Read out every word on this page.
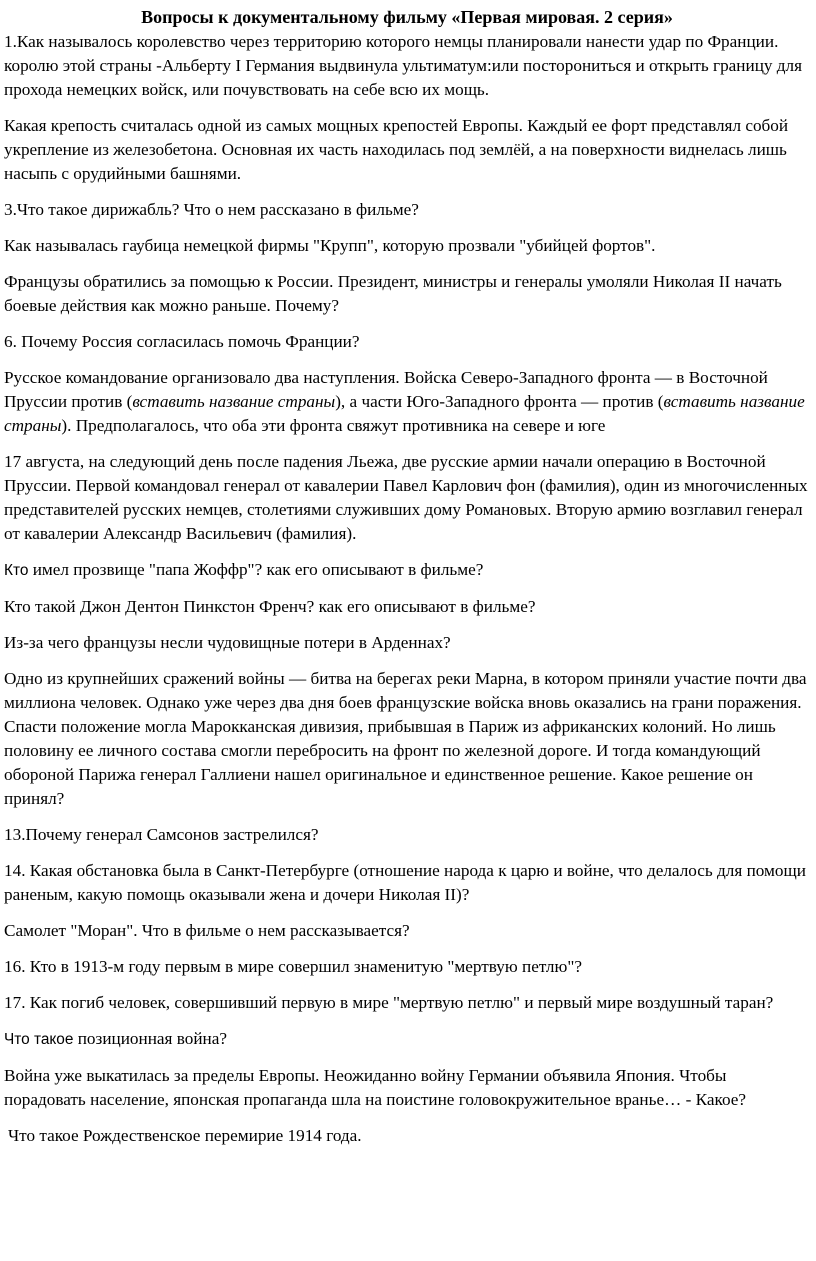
Вопросы к документальному фильму «Первая мировая. 2 серия»

1.Как называлось королевство через территорию которого немцы планировали нанести удар по Франции. королю этой страны -Альберту I Германия выдвинула ультиматум:или посторониться и открыть границу для прохода немецких войск, или почувствовать на себе всю их мощь.

Какая крепость считалась одной из самых мощных крепостей Европы. Каждый ее форт представлял собой укрепление из железобетона. Основная их часть находилась под землёй, а на поверхности виднелась лишь насыпь с орудийными башнями.

3.Что такое дирижабль? Что о нем рассказано в фильме?

Как называлась гаубица немецкой фирмы "Крупп", которую прозвали "убийцей фортов".

Французы обратились за помощью к России. Президент, министры и генералы умоляли Николая II начать боевые действия как можно раньше. Почему?

6. Почему Россия согласилась помочь Франции?

Русское командование организовало два наступления. Войска Северо-Западного фронта — в Восточной Пруссии против (вставить название страны), а части Юго-Западного фронта — против (вставить название страны). Предполагалось, что оба эти фронта свяжут противника на севере и юге

17 августа, на следующий день после падения Льежа, две русские армии начали операцию в Восточной Пруссии. Первой командовал генерал от кавалерии Павел Карлович фон (фамилия), один из многочисленных представителей русских немцев, столетиями служивших дому Романовых. Вторую армию возглавил генерал от кавалерии Александр Васильевич (фамилия).

Кто имел прозвище "папа Жоффр"? как его описывают в фильме?

Кто такой Джон Дентон Пинкстон Френч? как его описывают в фильме?

Из-за чего французы несли чудовищные потери в Арденнах?

Одно из крупнейших сражений войны — битва на берегах реки Марна, в котором приняли участие почти два миллиона человек. Однако уже через два дня боев французские войска вновь оказались на грани поражения. Спасти положение могла Марокканская дивизия, прибывшая в Париж из африканских колоний. Но лишь половину ее личного состава смогли перебросить на фронт по железной дороге. И тогда командующий обороной Парижа генерал Галлиени нашел оригинальное и единственное решение. Какое решение он принял?

13.Почему генерал Самсонов застрелился?

14. Какая обстановка была в Санкт-Петербурге (отношение народа к царю и войне, что делалось для помощи раненым, какую помощь оказывали жена и дочери Николая II)?

Самолет "Моран". Что в фильме о нем рассказывается?

16. Кто в 1913-м году первым в мире совершил знаменитую "мертвую петлю"?

17. Как погиб человек, совершивший первую в мире "мертвую петлю" и первый мире воздушный таран?

Что такое позиционная война?

Война уже выкатилась за пределы Европы. Неожиданно войну Германии объявила Япония. Чтобы порадовать население, японская пропаганда шла на поистине головокружительное вранье… - Какое?

Что такое Рождественское перемирие 1914 года.
